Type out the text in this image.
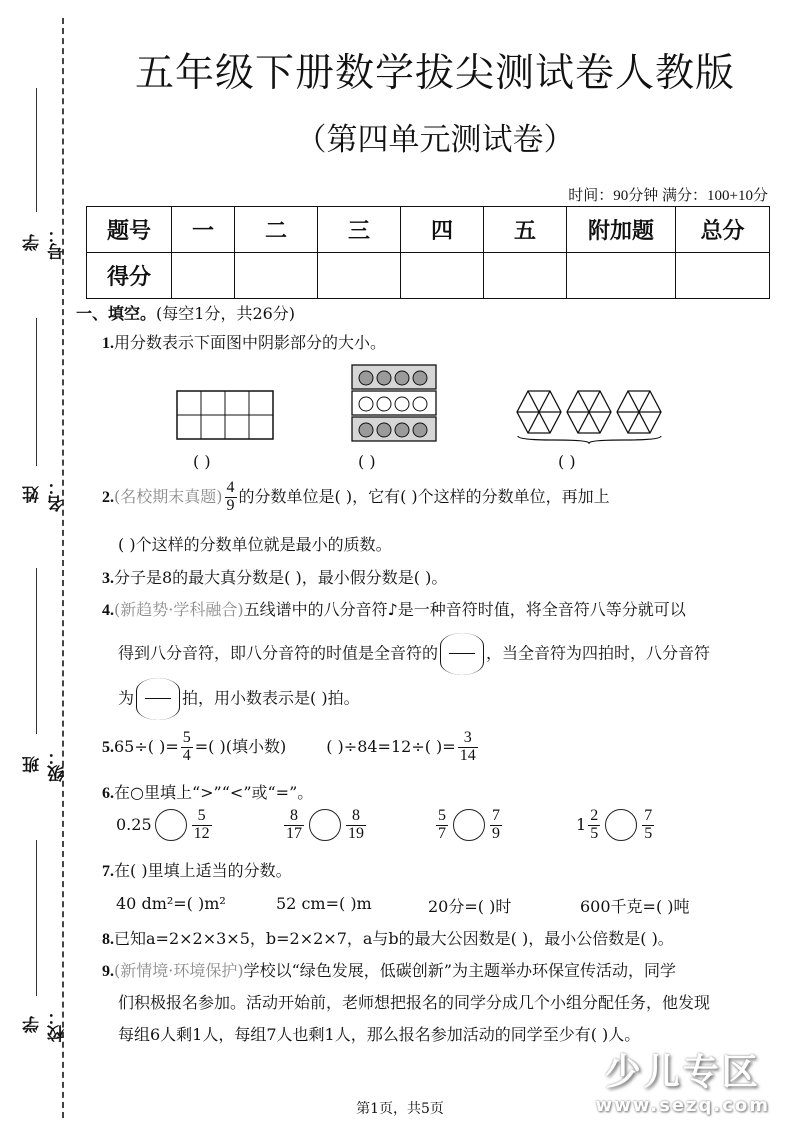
学号：
姓名：
班级：
学校：
五年级下册数学拔尖测试卷人教版
（第四单元测试卷）
时间：90分钟 满分：100+10分
题号	一	二	三	四	五	附加题	总分
得分							
一、填空。(每空1分，共26分)
1.用分数表示下面图中阴影部分的大小。
( )	( )	( )
2.(名校期末真题) $\frac{4}{9}$ 的分数单位是( )，它有( )个这样的分数单位，再加上
( )个这样的分数单位就是最小的质数。
3.分子是8的最大真分数是( )，最小假分数是( )。
4.(新趋势·学科融合)五线谱中的八分音符♪是一种音符时值，将全音符八等分就可以
得到八分音符，即八分音符的时值是全音符的	，当全音符为四拍时，八分音符
为	拍，用小数表示是( )拍。
5.65÷( )= $\frac{5}{4}$ =( )(填小数)	( )÷84=12÷( )= $\frac{3}{14}$
6.在○里填上“>”“<”或“=”。
0.25	$\frac{5}{12}$	$\frac{8}{17}$	$\frac{8}{19}$	$\frac{5}{7}$	$\frac{7}{9}$	$1 \frac{2}{5}$	$\frac{7}{5}$
7.在( )里填上适当的分数。
40 dm²=( )m²	52 cm=( )m	20分=( )时	600千克=( )吨
8.已知a=2×2×3×5，b=2×2×7，a与b的最大公因数是( )，最小公倍数是( )。
9.(新情境·环境保护)学校以“绿色发展，低碳创新”为主题举办环保宣传活动，同学
们积极报名参加。活动开始前，老师想把报名的同学分成几个小组分配任务，他发现
每组6人剩1人，每组7人也剩1人，那么报名参加活动的同学至少有( )人。
少儿专区
www.sezq.com
第1页，共5页
